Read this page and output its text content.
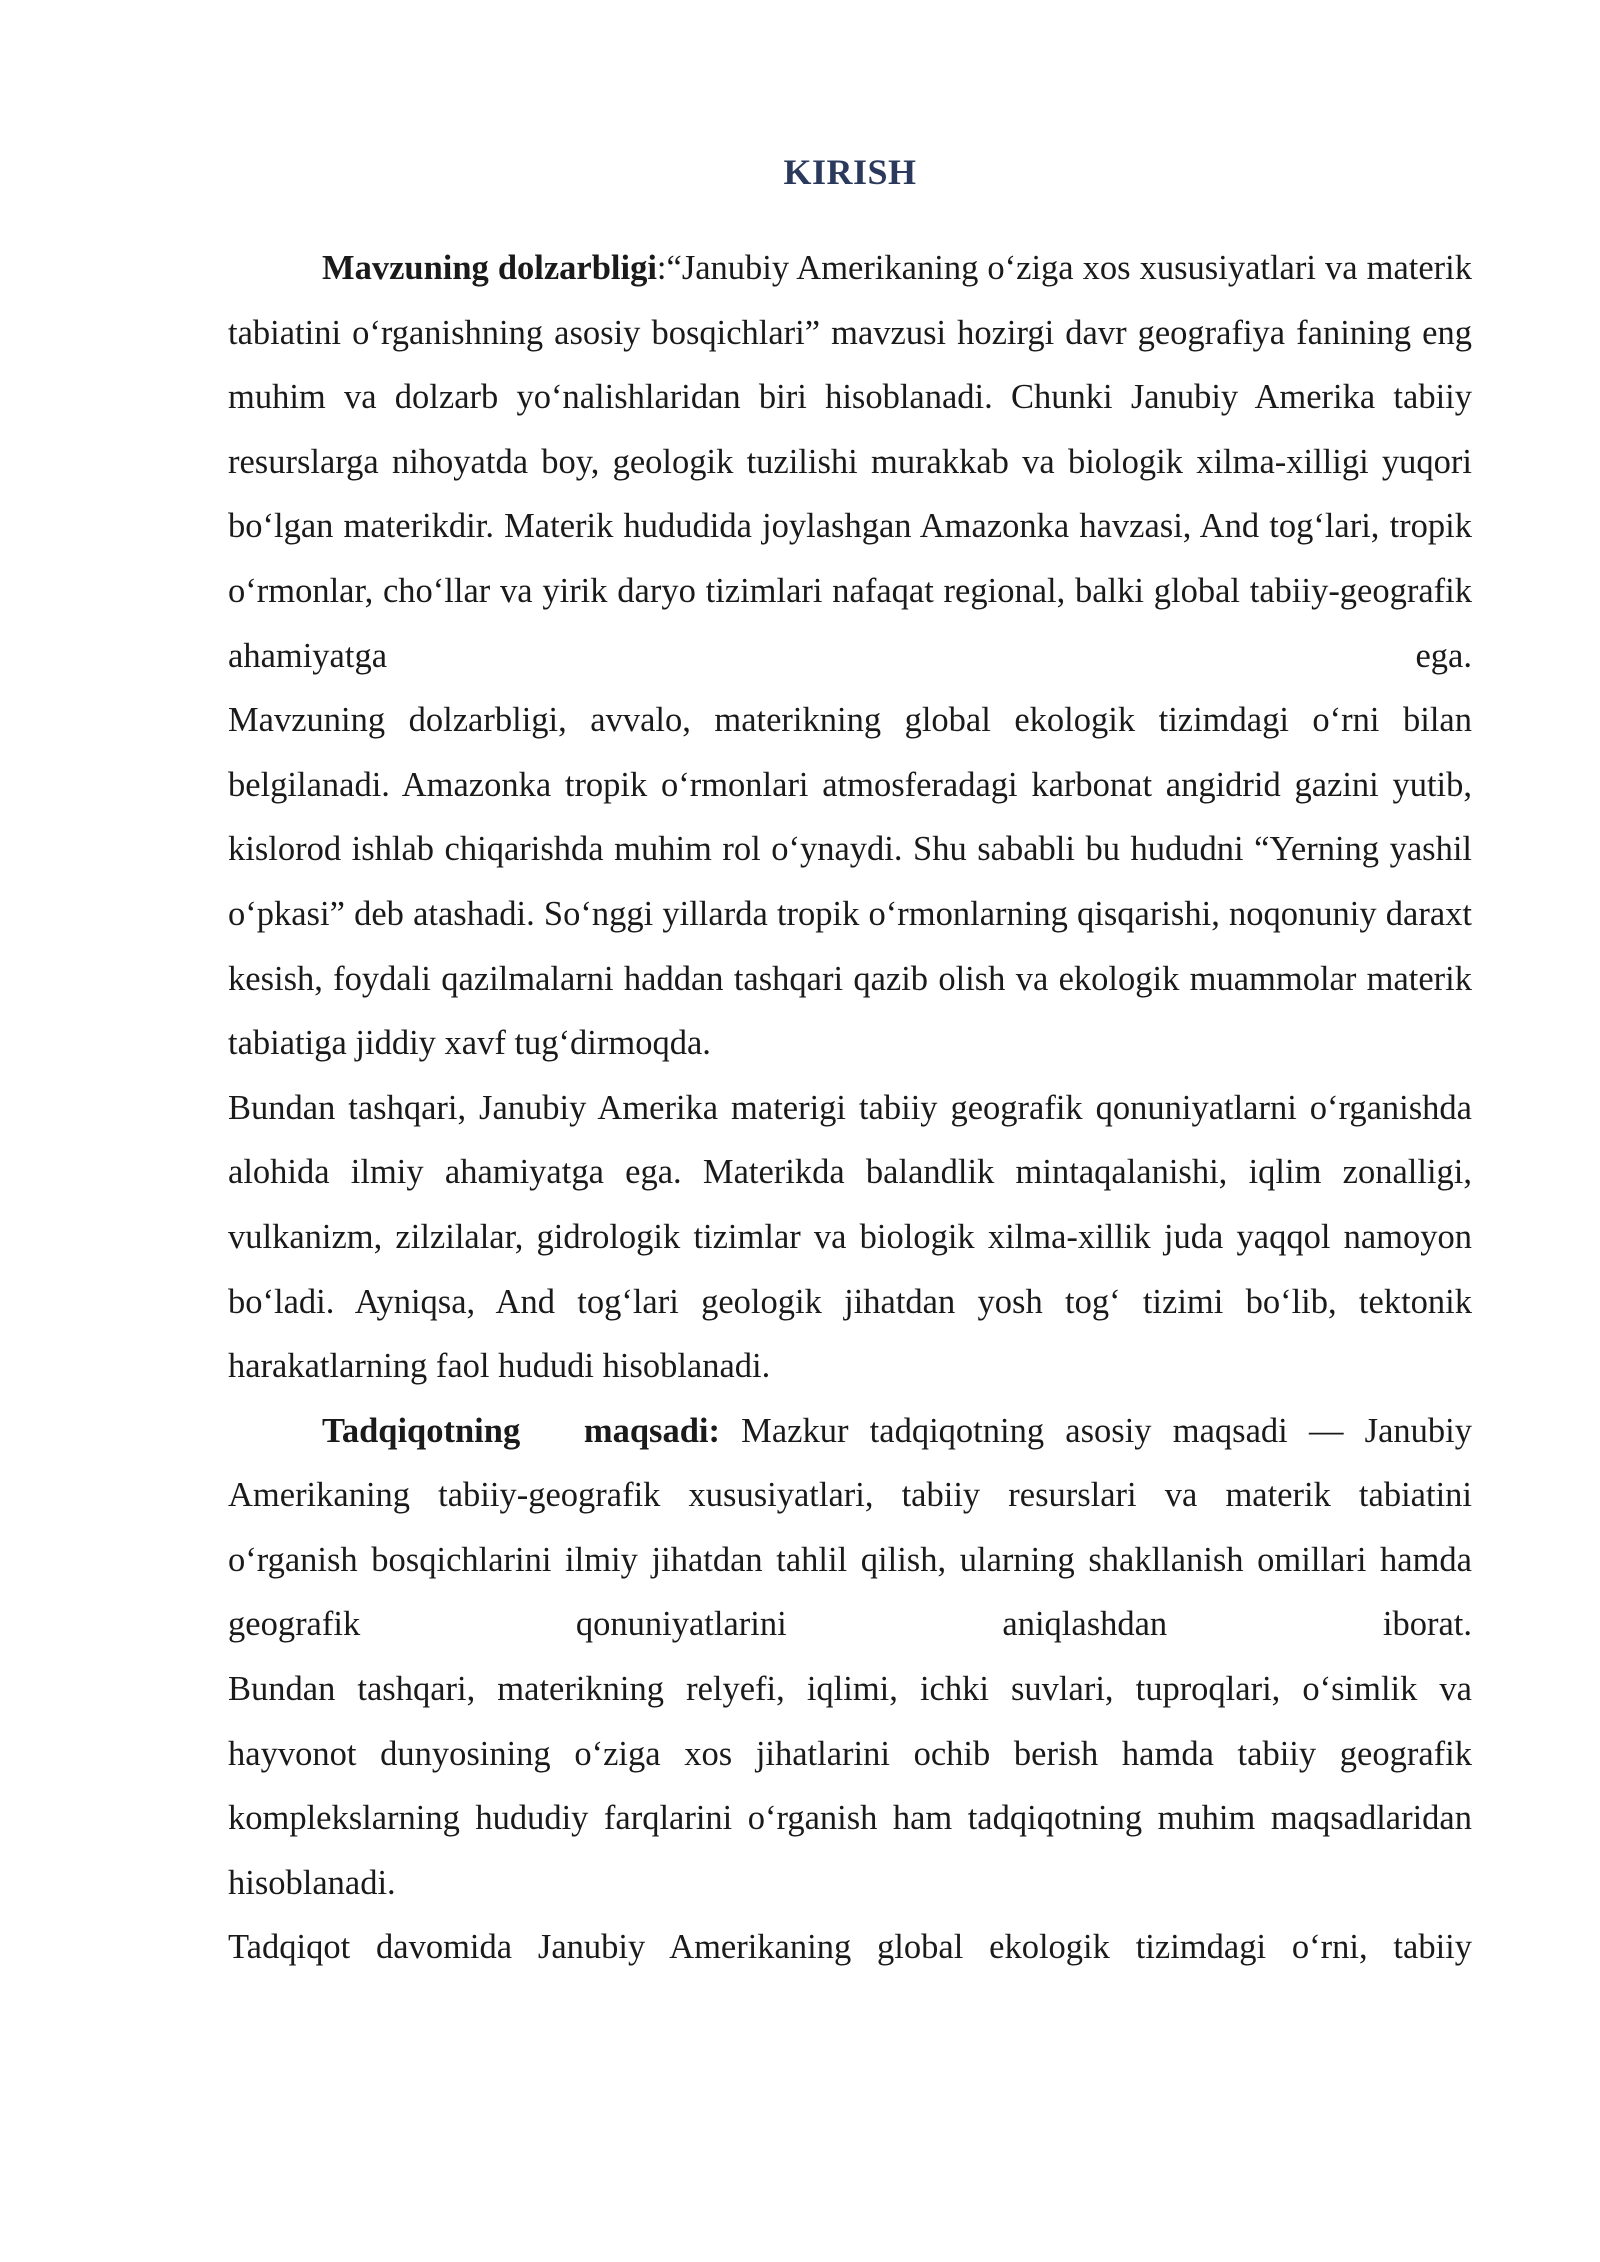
KIRISH

Mavzuning dolzarbligi:“Janubiy Amerikaning o‘ziga xos xususiyatlari va materik tabiatini o‘rganishning asosiy bosqichlari” mavzusi hozirgi davr geografiya fanining eng muhim va dolzarb yo‘nalishlaridan biri hisoblanadi. Chunki Janubiy Amerika tabiiy resurslarga nihoyatda boy, geologik tuzilishi murakkab va biologik xilma-xilligi yuqori bo‘lgan materikdir. Materik hududida joylashgan Amazonka havzasi, And tog‘lari, tropik o‘rmonlar, cho‘llar va yirik daryo tizimlari nafaqat regional, balki global tabiiy-geografik ahamiyatga ega.

Mavzuning dolzarbligi, avvalo, materikning global ekologik tizimdagi o‘rni bilan belgilanadi. Amazonka tropik o‘rmonlari atmosferadagi karbonat angidrid gazini yutib, kislorod ishlab chiqarishda muhim rol o‘ynaydi. Shu sababli bu hududni “Yerning yashil o‘pkasi” deb atashadi. So‘nggi yillarda tropik o‘rmonlarning qisqarishi, noqonuniy daraxt kesish, foydali qazilmalarni haddan tashqari qazib olish va ekologik muammolar materik tabiatiga jiddiy xavf tug‘dirmoqda.

Bundan tashqari, Janubiy Amerika materigi tabiiy geografik qonuniyatlarni o‘rganishda alohida ilmiy ahamiyatga ega. Materikda balandlik mintaqalanishi, iqlim zonalligi, vulkanizm, zilzilalar, gidrologik tizimlar va biologik xilma-xillik juda yaqqol namoyon bo‘ladi. Ayniqsa, And tog‘lari geologik jihatdan yosh tog‘ tizimi bo‘lib, tektonik harakatlarning faol hududi hisoblanadi.

Tadqiqotning   maqsadi: Mazkur tadqiqotning asosiy maqsadi — Janubiy Amerikaning tabiiy-geografik xususiyatlari, tabiiy resurslari va materik tabiatini o‘rganish bosqichlarini ilmiy jihatdan tahlil qilish, ularning shakllanish omillari hamda geografik qonuniyatlarini aniqlashdan iborat.

Bundan tashqari, materikning relyefi, iqlimi, ichki suvlari, tuproqlari, o‘simlik va hayvonot dunyosining o‘ziga xos jihatlarini ochib berish hamda tabiiy geografik komplekslarning hududiy farqlarini o‘rganish ham tadqiqotning muhim maqsadlaridan hisoblanadi.

Tadqiqot davomida Janubiy Amerikaning global ekologik tizimdagi o‘rni, tabiiy
